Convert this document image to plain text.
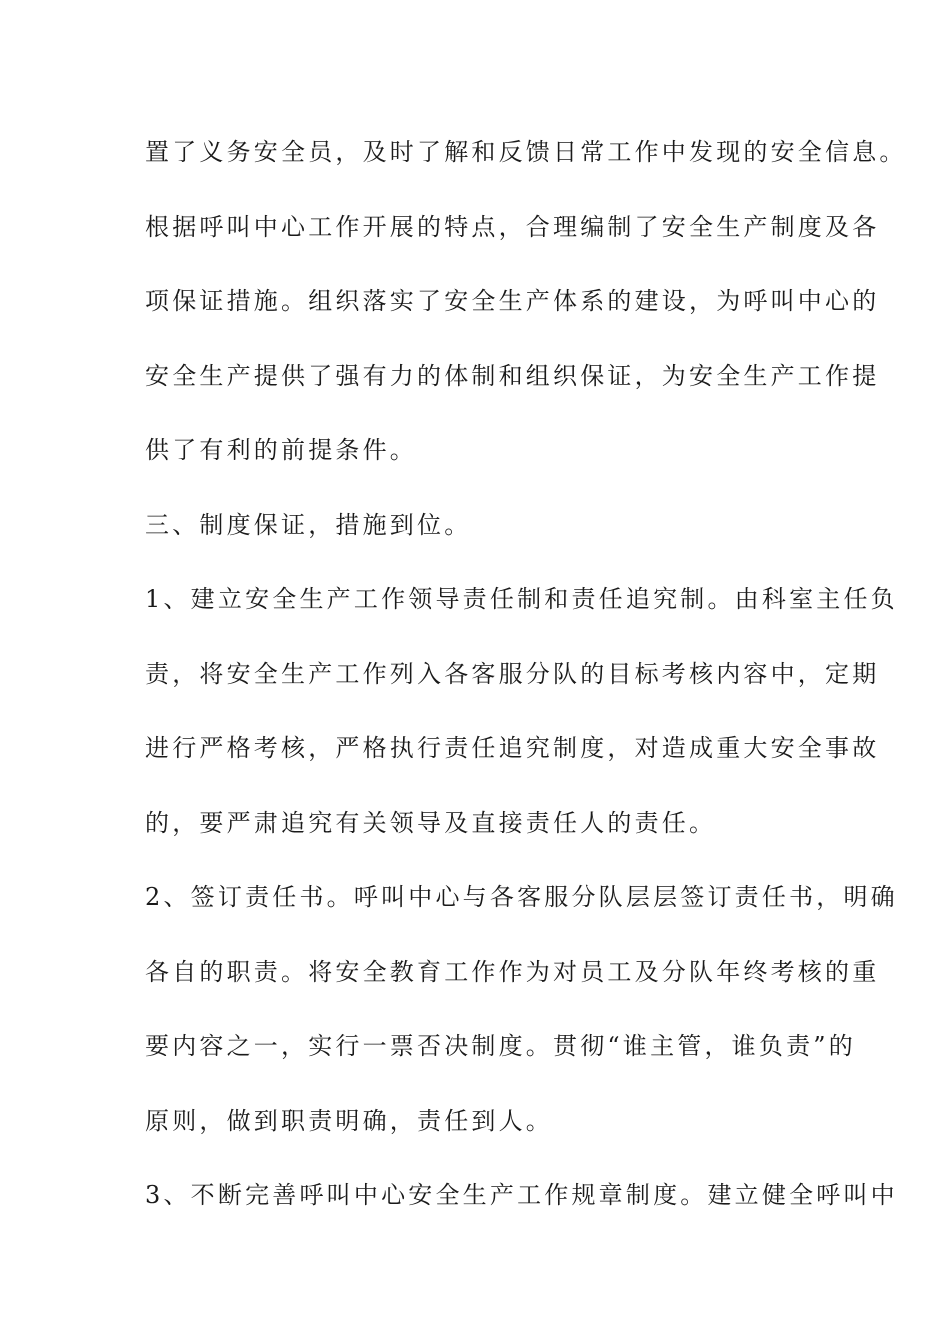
置了义务安全员，及时了解和反馈日常工作中发现的安全信息。
根据呼叫中心工作开展的特点，合理编制了安全生产制度及各
项保证措施。组织落实了安全生产体系的建设，为呼叫中心的
安全生产提供了强有力的体制和组织保证，为安全生产工作提
供了有利的前提条件。
三、制度保证，措施到位。
1、建立安全生产工作领导责任制和责任追究制。由科室主任负
责，将安全生产工作列入各客服分队的目标考核内容中，定期
进行严格考核，严格执行责任追究制度，对造成重大安全事故
的，要严肃追究有关领导及直接责任人的责任。
2、签订责任书。呼叫中心与各客服分队层层签订责任书，明确
各自的职责。将安全教育工作作为对员工及分队年终考核的重
要内容之一，实行一票否决制度。贯彻“谁主管，谁负责”的
原则，做到职责明确，责任到人。
3、不断完善呼叫中心安全生产工作规章制度。建立健全呼叫中
